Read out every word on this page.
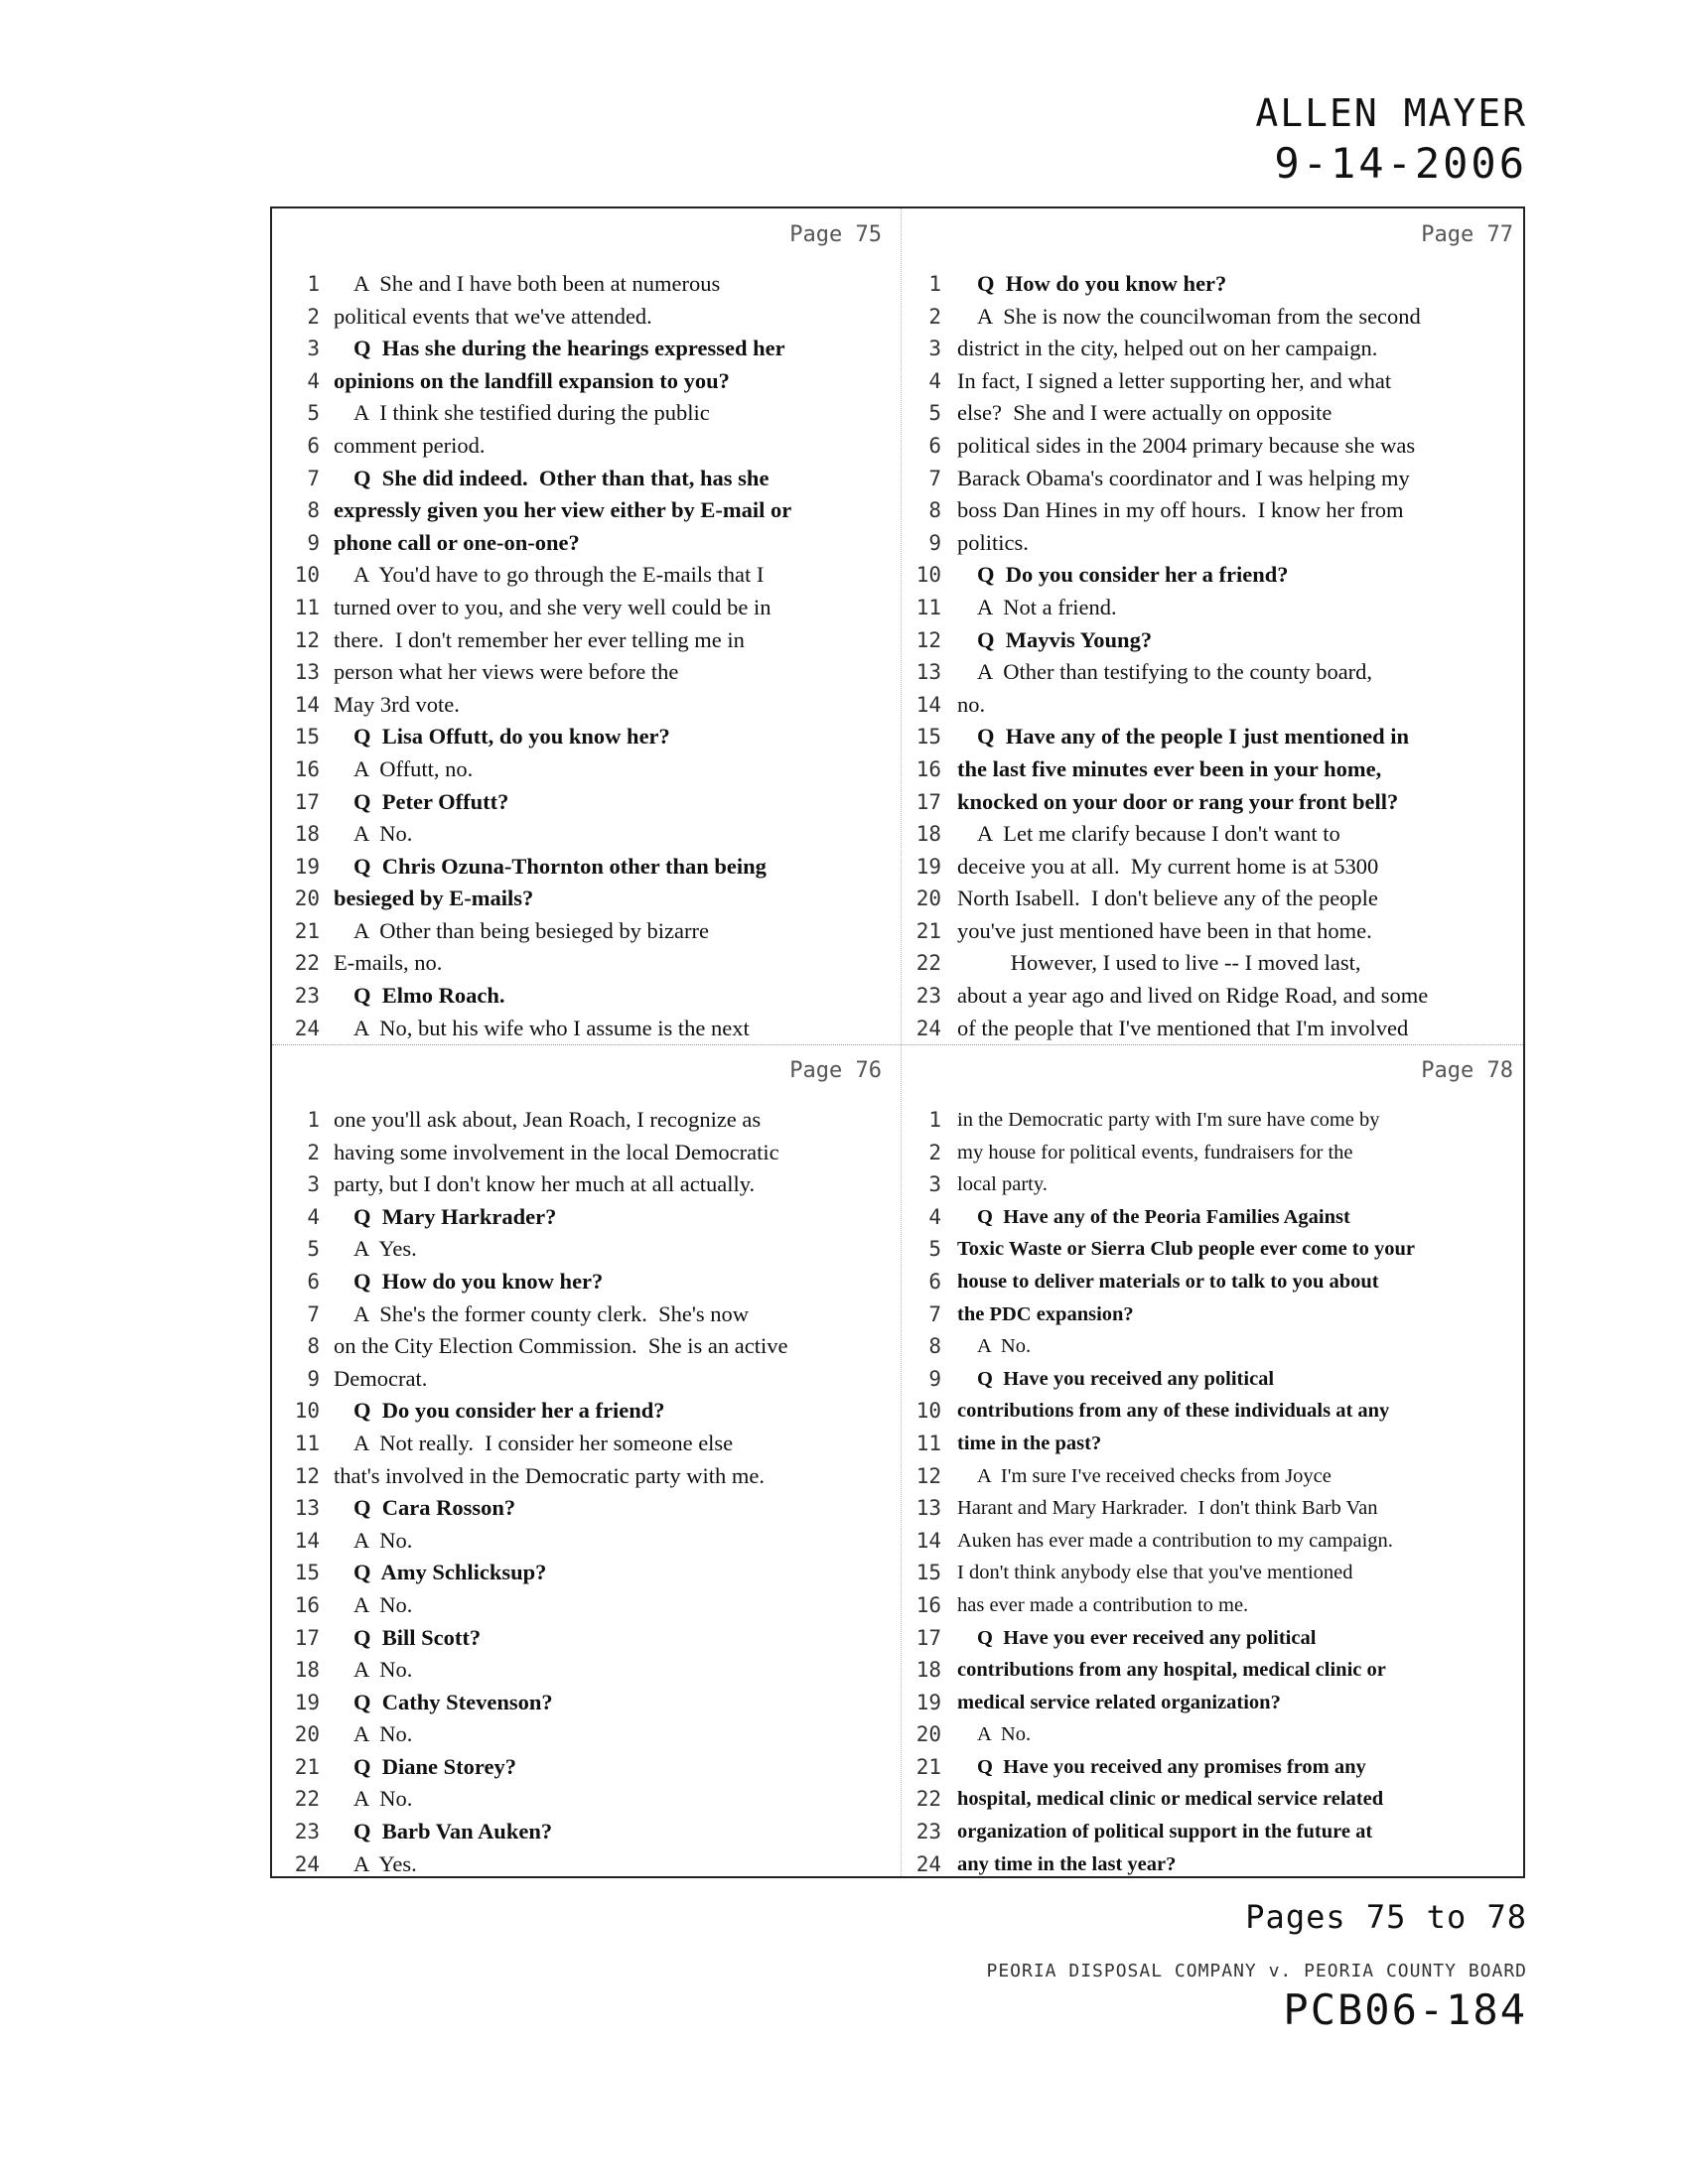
ALLEN MAYER
9-14-2006
Page 75
1	A  She and I have both been at numerous
2 political events that we've attended.
3	Q  Has she during the hearings expressed her
4 opinions on the landfill expansion to you?
5	A  I think she testified during the public
6 comment period.
7	Q  She did indeed.  Other than that, has she
8 expressly given you her view either by E-mail or
9 phone call or one-on-one?
10	A  You'd have to go through the E-mails that I
11 turned over to you, and she very well could be in
12 there.  I don't remember her ever telling me in
13 person what her views were before the
14 May 3rd vote.
15	Q  Lisa Offutt, do you know her?
16	A  Offutt, no.
17	Q  Peter Offutt?
18	A  No.
19	Q  Chris Ozuna-Thornton other than being
20 besieged by E-mails?
21	A  Other than being besieged by bizarre
22 E-mails, no.
23	Q  Elmo Roach.
24	A  No, but his wife who I assume is the next
Page 77
1	Q  How do you know her?
2	A  She is now the councilwoman from the second
3 district in the city, helped out on her campaign.
4 In fact, I signed a letter supporting her, and what
5 else?  She and I were actually on opposite
6 political sides in the 2004 primary because she was
7 Barack Obama's coordinator and I was helping my
8 boss Dan Hines in my off hours.  I know her from
9 politics.
10	Q  Do you consider her a friend?
11	A  Not a friend.
12	Q  Mayvis Young?
13	A  Other than testifying to the county board,
14 no.
15	Q  Have any of the people I just mentioned in
16 the last five minutes ever been in your home,
17 knocked on your door or rang your front bell?
18	A  Let me clarify because I don't want to
19 deceive you at all.  My current home is at 5300
20 North Isabell.  I don't believe any of the people
21 you've just mentioned have been in that home.
22	However, I used to live -- I moved last,
23 about a year ago and lived on Ridge Road, and some
24 of the people that I've mentioned that I'm involved
Page 76
1 one you'll ask about, Jean Roach, I recognize as
2 having some involvement in the local Democratic
3 party, but I don't know her much at all actually.
4	Q  Mary Harkrader?
5	A  Yes.
6	Q  How do you know her?
7	A  She's the former county clerk.  She's now
8 on the City Election Commission.  She is an active
9 Democrat.
10	Q  Do you consider her a friend?
11	A  Not really.  I consider her someone else
12 that's involved in the Democratic party with me.
13	Q  Cara Rosson?
14	A  No.
15	Q  Amy Schlicksup?
16	A  No.
17	Q  Bill Scott?
18	A  No.
19	Q  Cathy Stevenson?
20	A  No.
21	Q  Diane Storey?
22	A  No.
23	Q  Barb Van Auken?
24	A  Yes.
Page 78
1 in the Democratic party with I'm sure have come by
2 my house for political events, fundraisers for the
3 local party.
4	Q  Have any of the Peoria Families Against
5 Toxic Waste or Sierra Club people ever come to your
6 house to deliver materials or to talk to you about
7 the PDC expansion?
8	A  No.
9	Q  Have you received any political
10 contributions from any of these individuals at any
11 time in the past?
12	A  I'm sure I've received checks from Joyce
13 Harant and Mary Harkrader.  I don't think Barb Van
14 Auken has ever made a contribution to my campaign.
15 I don't think anybody else that you've mentioned
16 has ever made a contribution to me.
17	Q  Have you ever received any political
18 contributions from any hospital, medical clinic or
19 medical service related organization?
20	A  No.
21	Q  Have you received any promises from any
22 hospital, medical clinic or medical service related
23 organization of political support in the future at
24 any time in the last year?
Pages 75 to 78
PEORIA DISPOSAL COMPANY v. PEORIA COUNTY BOARD
PCB06-184
